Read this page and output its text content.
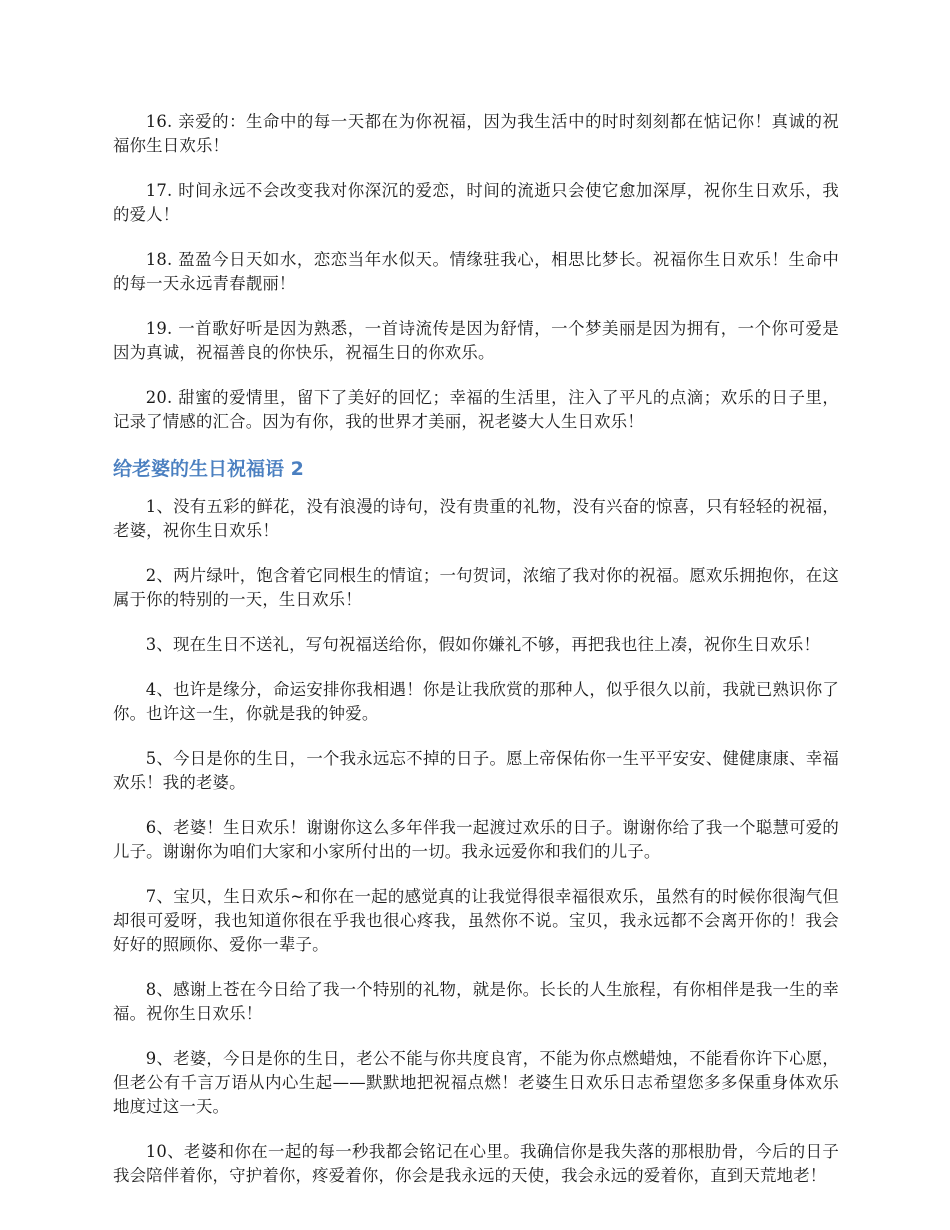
16. 亲爱的：生命中的每一天都在为你祝福，因为我生活中的时时刻刻都在惦记你！真诚的祝福你生日欢乐！

17. 时间永远不会改变我对你深沉的爱恋，时间的流逝只会使它愈加深厚，祝你生日欢乐，我的爱人！

18. 盈盈今日天如水，恋恋当年水似天。情缘驻我心，相思比梦长。祝福你生日欢乐！生命中的每一天永远青春靓丽！

19. 一首歌好听是因为熟悉，一首诗流传是因为舒情，一个梦美丽是因为拥有，一个你可爱是因为真诚，祝福善良的你快乐，祝福生日的你欢乐。

20. 甜蜜的爱情里，留下了美好的回忆；幸福的生活里，注入了平凡的点滴；欢乐的日子里，记录了情感的汇合。因为有你，我的世界才美丽，祝老婆大人生日欢乐！

给老婆的生日祝福语 2

1、没有五彩的鲜花，没有浪漫的诗句，没有贵重的礼物，没有兴奋的惊喜，只有轻轻的祝福，老婆，祝你生日欢乐！

2、两片绿叶，饱含着它同根生的情谊；一句贺词，浓缩了我对你的祝福。愿欢乐拥抱你，在这属于你的特别的一天，生日欢乐！

3、现在生日不送礼，写句祝福送给你，假如你嫌礼不够，再把我也往上凑，祝你生日欢乐！

4、也许是缘分，命运安排你我相遇！你是让我欣赏的那种人，似乎很久以前，我就已熟识你了你。也许这一生，你就是我的钟爱。

5、今日是你的生日，一个我永远忘不掉的日子。愿上帝保佑你一生平平安安、健健康康、幸福欢乐！我的老婆。

6、老婆！生日欢乐！谢谢你这么多年伴我一起渡过欢乐的日子。谢谢你给了我一个聪慧可爱的儿子。谢谢你为咱们大家和小家所付出的一切。我永远爱你和我们的儿子。

7、宝贝，生日欢乐~和你在一起的感觉真的让我觉得很幸福很欢乐，虽然有的时候你很淘气但却很可爱呀，我也知道你很在乎我也很心疼我，虽然你不说。宝贝，我永远都不会离开你的！我会好好的照顾你、爱你一辈子。

8、感谢上苍在今日给了我一个特别的礼物，就是你。长长的人生旅程，有你相伴是我一生的幸福。祝你生日欢乐！

9、老婆，今日是你的生日，老公不能与你共度良宵，不能为你点燃蜡烛，不能看你许下心愿，但老公有千言万语从内心生起——默默地把祝福点燃！老婆生日欢乐日志希望您多多保重身体欢乐地度过这一天。

10、老婆和你在一起的每一秒我都会铭记在心里。我确信你是我失落的那根肋骨，今后的日子我会陪伴着你，守护着你，疼爱着你，你会是我永远的天使，我会永远的爱着你，直到天荒地老！
